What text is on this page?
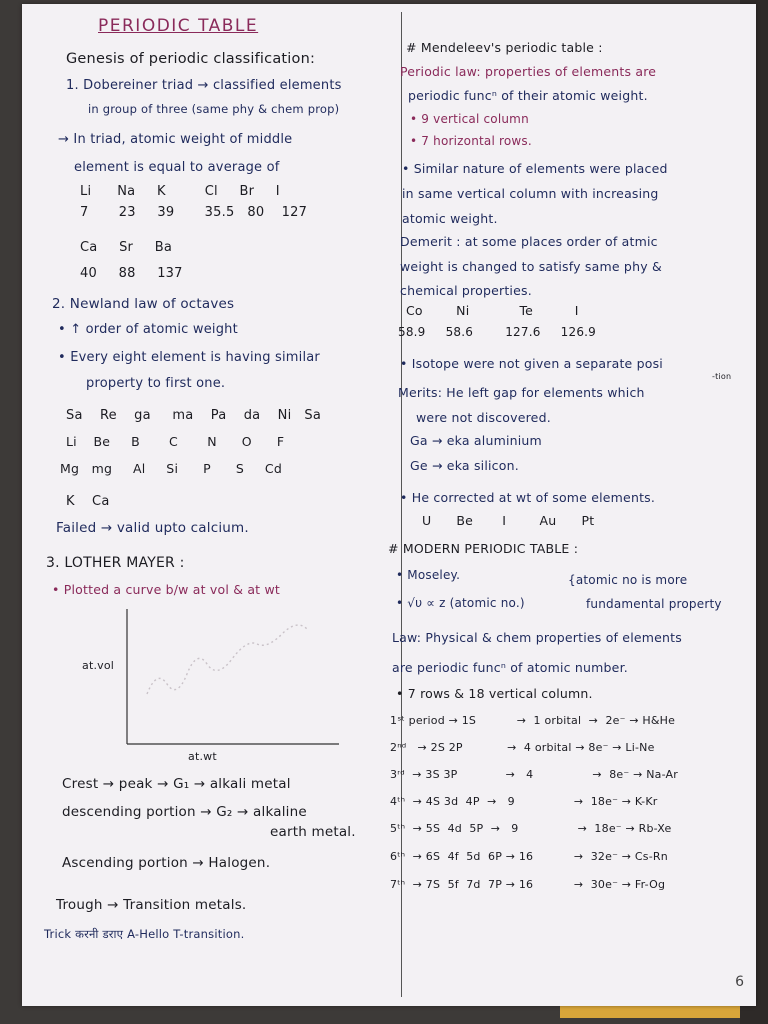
PERIODIC TABLE
Genesis of periodic classification:
1. Dobereiner triad → classified elements
in group of three (same phy & chem prop)
→ In triad, atomic weight of middle
element is equal to average of
Li      Na     K         Cl     Br     I
7       23     39       35.5   80    127
Ca     Sr     Ba
40     88     137
2. Newland law of octaves
• ↑ order of atomic weight
• Every eight element is having similar
property to first one.
Sa    Re    ga     ma    Pa    da    Ni   Sa
Li    Be     B       C       N      O      F
Mg   mg     Al     Si      P      S     Cd
K    Ca
Failed → valid upto calcium.
3. LOTHER MAYER :
• Plotted a curve b/w at vol & at wt
at.vol
at.wt
Crest → peak → G₁ → alkali metal
descending portion → G₂ → alkaline
earth metal.
Ascending portion → Halogen.
Trough → Transition metals.
Trick करनी डराए A-Hello T-transition.
# Mendeleev's periodic table :
Periodic law: properties of elements are
periodic funcⁿ of their atomic weight.
• 9 vertical column
• 7 horizontal rows.
• Similar nature of elements were placed
in same vertical column with increasing
atomic weight.
Demerit : at some places order of atmic
weight is changed to satisfy same phy &
chemical properties.
Co        Ni            Te          I
58.9     58.6        127.6     126.9
• Isotope were not given a separate posi
-tion
Merits: He left gap for elements which
were not discovered.
Ga → eka aluminium
Ge → eka silicon.
• He corrected at wt of some elements.
U      Be       I        Au      Pt
# MODERN PERIODIC TABLE :
• Moseley.	{atomic no is more
• √υ ∝ z (atomic no.)	fundamental property
Law: Physical & chem properties of elements
are periodic funcⁿ of atomic number.
• 7 rows & 18 vertical column.
1ˢᵗ period → 1S           →  1 orbital  →  2e⁻ → H&He
2ⁿᵈ   → 2S 2P            →  4 orbital → 8e⁻ → Li-Ne
3ʳᵈ  → 3S 3P             →   4                →  8e⁻ → Na-Ar
4ᵗʰ  → 4S 3d  4P  →   9                →  18e⁻ → K-Kr
5ᵗʰ  → 5S  4d  5P  →   9                →  18e⁻ → Rb-Xe
6ᵗʰ  → 6S  4f  5d  6P → 16           →  32e⁻ → Cs-Rn
7ᵗʰ  → 7S  5f  7d  7P → 16           →  30e⁻ → Fr-Og
6
